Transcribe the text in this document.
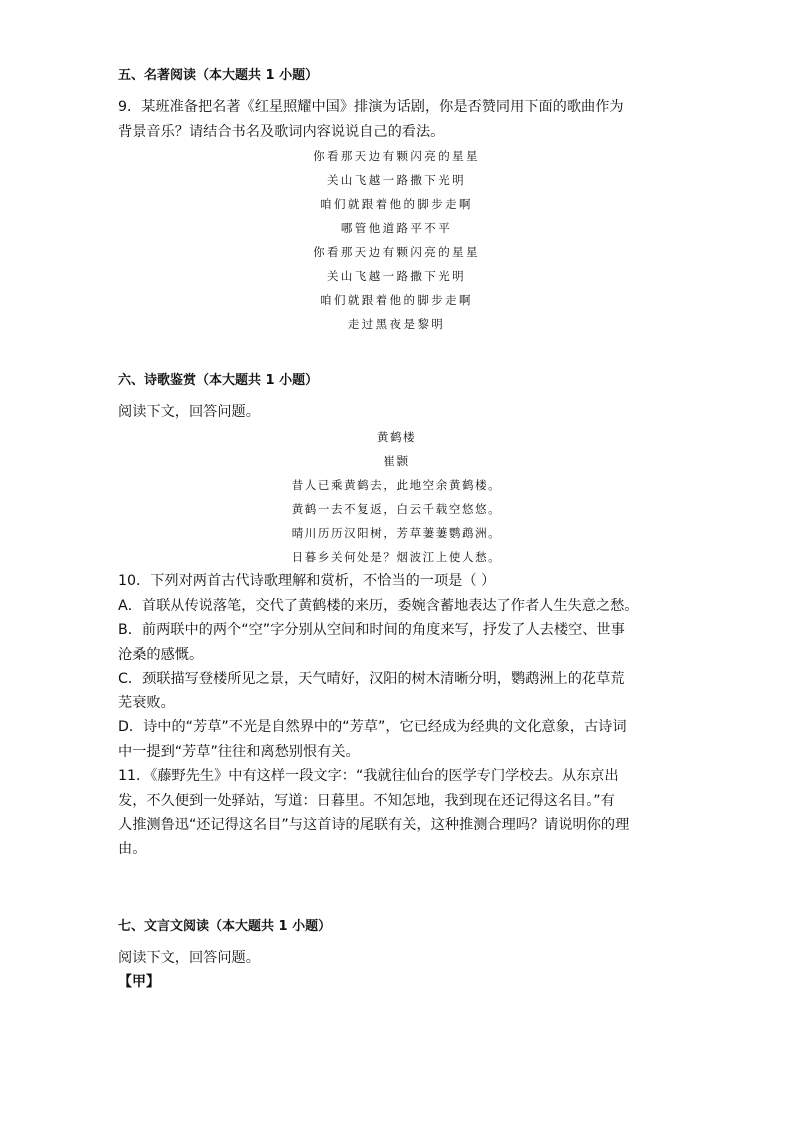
五、名著阅读（本大题共 1 小题）
9．某班准备把名著《红星照耀中国》排演为话剧，你是否赞同用下面的歌曲作为
背景音乐？请结合书名及歌词内容说说自己的看法。
你看那天边有颗闪亮的星星
关山飞越一路撒下光明
咱们就跟着他的脚步走啊
哪管他道路平不平
你看那天边有颗闪亮的星星
关山飞越一路撒下光明
咱们就跟着他的脚步走啊
走过黑夜是黎明
六、诗歌鉴赏（本大题共 1 小题）
阅读下文，回答问题。
黄鹤楼
崔颢
昔人已乘黄鹤去，此地空余黄鹤楼。
黄鹤一去不复返，白云千载空悠悠。
晴川历历汉阳树，芳草萋萋鹦鹉洲。
日暮乡关何处是？烟波江上使人愁。
10．下列对两首古代诗歌理解和赏析，不恰当的一项是（ ）
A．首联从传说落笔，交代了黄鹤楼的来历，委婉含蓄地表达了作者人生失意之愁。
B．前两联中的两个“空”字分别从空间和时间的角度来写，抒发了人去楼空、世事
沧桑的感慨。
C．颈联描写登楼所见之景，天气晴好，汉阳的树木清晰分明，鹦鹉洲上的花草荒
芜衰败。
D．诗中的“芳草”不光是自然界中的“芳草”，它已经成为经典的文化意象，古诗词
中一提到“芳草”往往和离愁别恨有关。
11．《藤野先生》中有这样一段文字：“我就往仙台的医学专门学校去。从东京出
发，不久便到一处驿站，写道：日暮里。不知怎地，我到现在还记得这名目。”有
人推测鲁迅“还记得这名目”与这首诗的尾联有关，这种推测合理吗？请说明你的理
由。
七、文言文阅读（本大题共 1 小题）
阅读下文，回答问题。
【甲】
